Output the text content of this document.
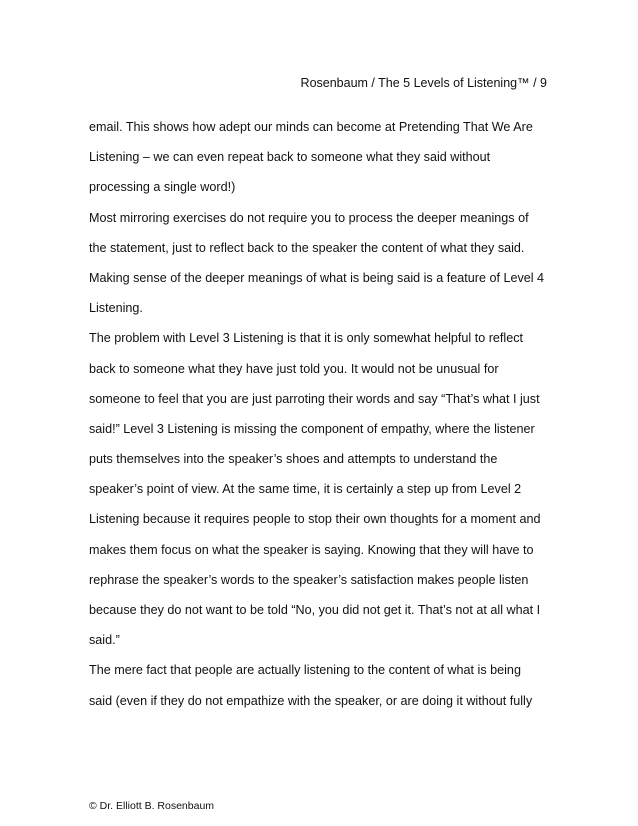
Rosenbaum / The 5 Levels of Listening™ / 9
email. This shows how adept our minds can become at Pretending That We Are
Listening – we can even repeat back to someone what they said without
processing a single word!)
Most mirroring exercises do not require you to process the deeper meanings of
the statement, just to reflect back to the speaker the content of what they said.
Making sense of the deeper meanings of what is being said is a feature of Level 4
Listening.
The problem with Level 3 Listening is that it is only somewhat helpful to reflect
back to someone what they have just told you. It would not be unusual for
someone to feel that you are just parroting their words and say “That’s what I just
said!” Level 3 Listening is missing the component of empathy, where the listener
puts themselves into the speaker’s shoes and attempts to understand the
speaker’s point of view. At the same time, it is certainly a step up from Level 2
Listening because it requires people to stop their own thoughts for a moment and
makes them focus on what the speaker is saying. Knowing that they will have to
rephrase the speaker’s words to the speaker’s satisfaction makes people listen
because they do not want to be told “No, you did not get it. That’s not at all what I
said.”
The mere fact that people are actually listening to the content of what is being
said (even if they do not empathize with the speaker, or are doing it without fully
© Dr. Elliott B. Rosenbaum
